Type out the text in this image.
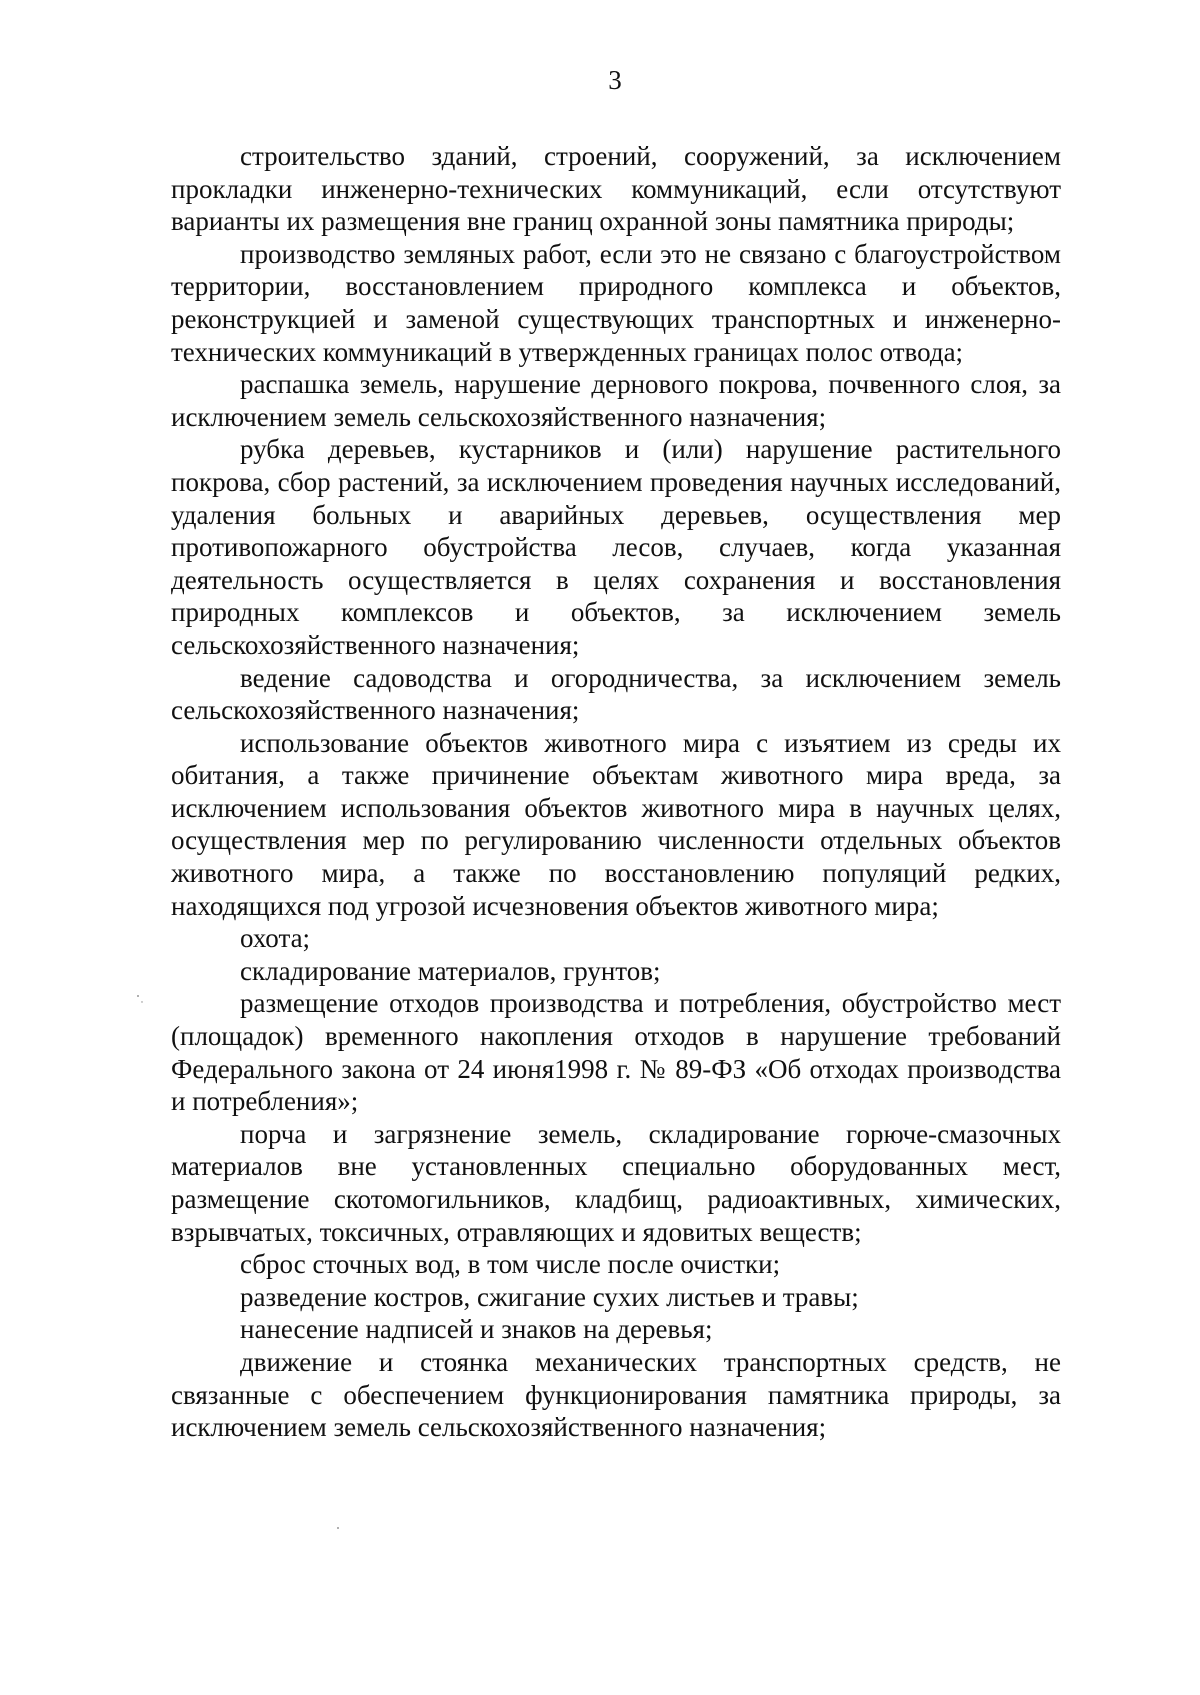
3

строительство зданий, строений, сооружений, за исключением прокладки инженерно-технических коммуникаций, если отсутствуют варианты их размещения вне границ охранной зоны памятника природы;

производство земляных работ, если это не связано с благоустройством территории, восстановлением природного комплекса и объектов, реконструкцией и заменой существующих транспортных и инженерно-технических коммуникаций в утвержденных границах полос отвода;

распашка земель, нарушение дернового покрова, почвенного слоя, за исключением земель сельскохозяйственного назначения;

рубка деревьев, кустарников и (или) нарушение растительного покрова, сбор растений, за исключением проведения научных исследований, удаления больных и аварийных деревьев, осуществления мер противопожарного обустройства лесов, случаев, когда указанная деятельность осуществляется в целях сохранения и восстановления природных комплексов и объектов, за исключением земель сельскохозяйственного назначения;

ведение садоводства и огородничества, за исключением земель сельскохозяйственного назначения;

использование объектов животного мира с изъятием из среды их обитания, а также причинение объектам животного мира вреда, за исключением использования объектов животного мира в научных целях, осуществления мер по регулированию численности отдельных объектов животного мира, а также по восстановлению популяций редких, находящихся под угрозой исчезновения объектов животного мира;

охота;

складирование материалов, грунтов;

размещение отходов производства и потребления, обустройство мест (площадок) временного накопления отходов в нарушение требований Федерального закона от 24 июня1998 г. № 89-ФЗ «Об отходах производства и потребления»;

порча и загрязнение земель, складирование горюче-смазочных материалов вне установленных специально оборудованных мест, размещение скотомогильников, кладбищ, радиоактивных, химических, взрывчатых, токсичных, отравляющих и ядовитых веществ;

сброс сточных вод, в том числе после очистки;

разведение костров, сжигание сухих листьев и травы;

нанесение надписей и знаков на деревья;

движение и стоянка механических транспортных средств, не связанные с обеспечением функционирования памятника природы, за исключением земель сельскохозяйственного назначения;
